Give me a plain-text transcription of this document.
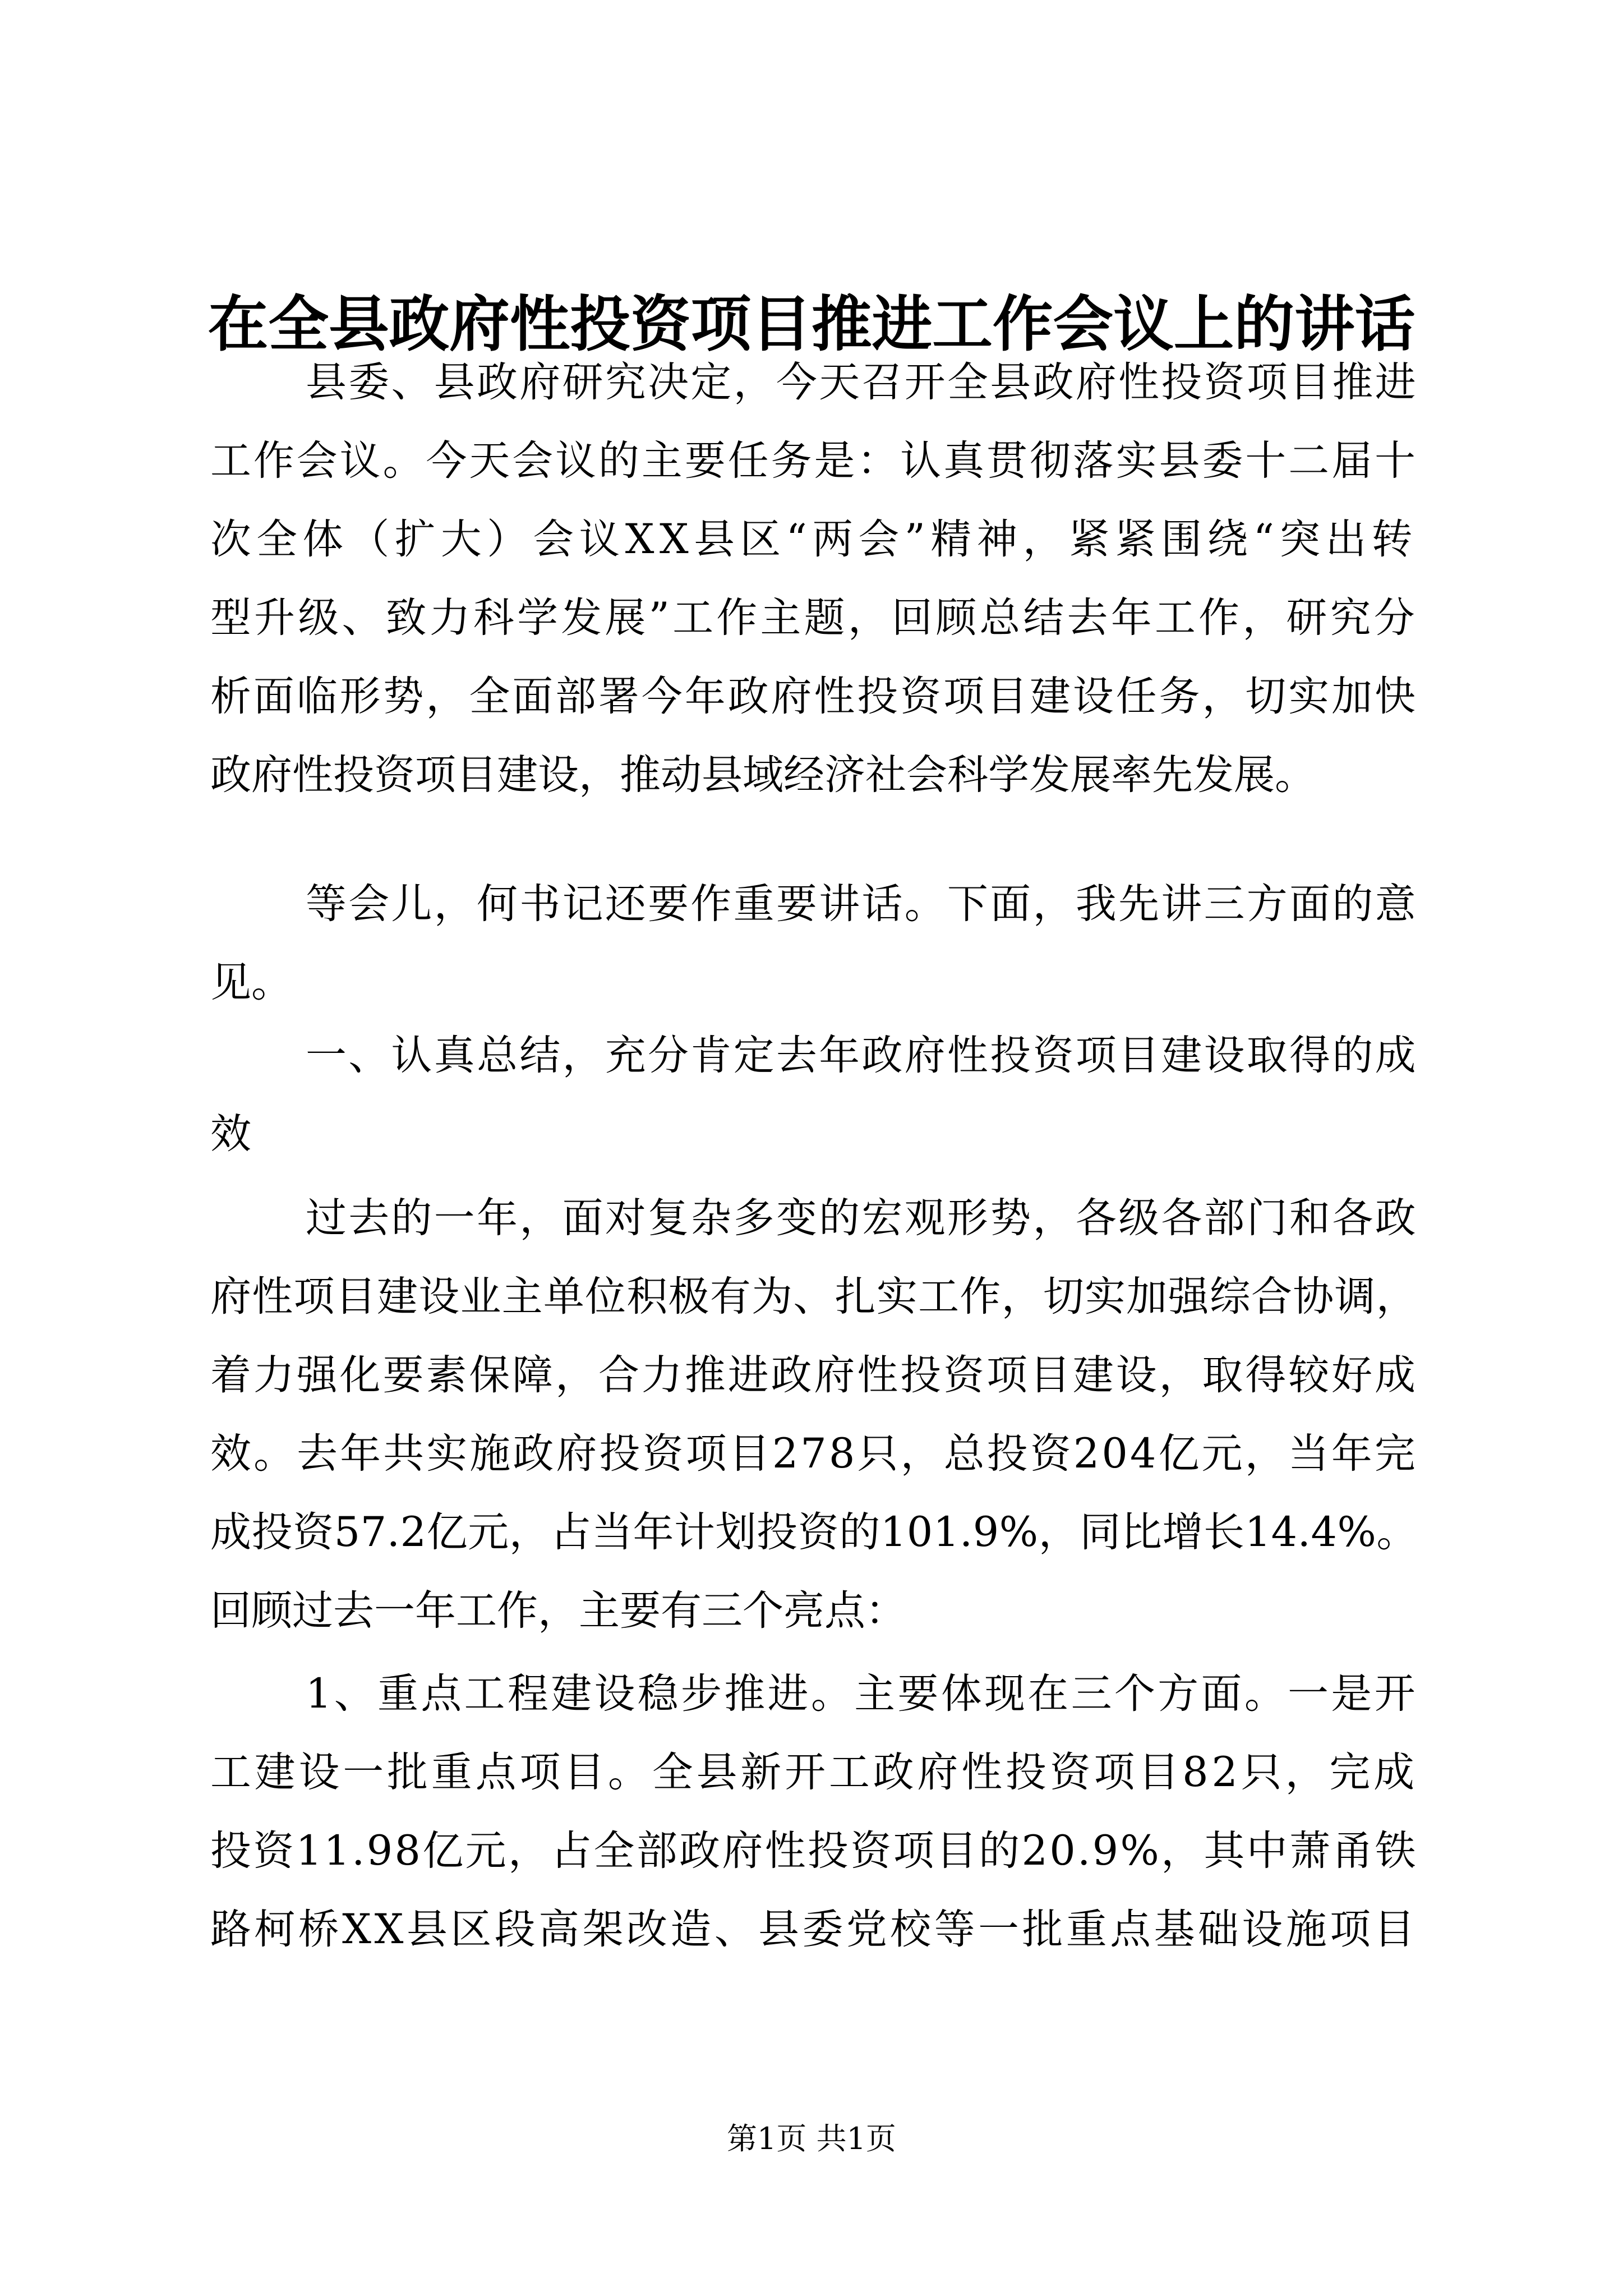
在全县政府性投资项目推进工作会议上的讲话
县委、县政府研究决定，今天召开全县政府性投资项目推进
工作会议。今天会议的主要任务是：认真贯彻落实县委十二届十
次全体（扩大）会议XX县区“两会”精神，紧紧围绕“突出转
型升级、致力科学发展”工作主题，回顾总结去年工作，研究分
析面临形势，全面部署今年政府性投资项目建设任务，切实加快
政府性投资项目建设，推动县域经济社会科学发展率先发展。
等会儿，何书记还要作重要讲话。下面，我先讲三方面的意
见。
一、认真总结，充分肯定去年政府性投资项目建设取得的成
效
过去的一年，面对复杂多变的宏观形势，各级各部门和各政
府性项目建设业主单位积极有为、扎实工作，切实加强综合协调，
着力强化要素保障，合力推进政府性投资项目建设，取得较好成
效。去年共实施政府投资项目278只，总投资204亿元，当年完
成投资57.2亿元，占当年计划投资的101.9%，同比增长14.4%。
回顾过去一年工作，主要有三个亮点：
1、重点工程建设稳步推进。主要体现在三个方面。一是开
工建设一批重点项目。全县新开工政府性投资项目82只，完成
投资11.98亿元，占全部政府性投资项目的20.9%，其中萧甬铁
路柯桥XX县区段高架改造、县委党校等一批重点基础设施项目
第1页 共1页
